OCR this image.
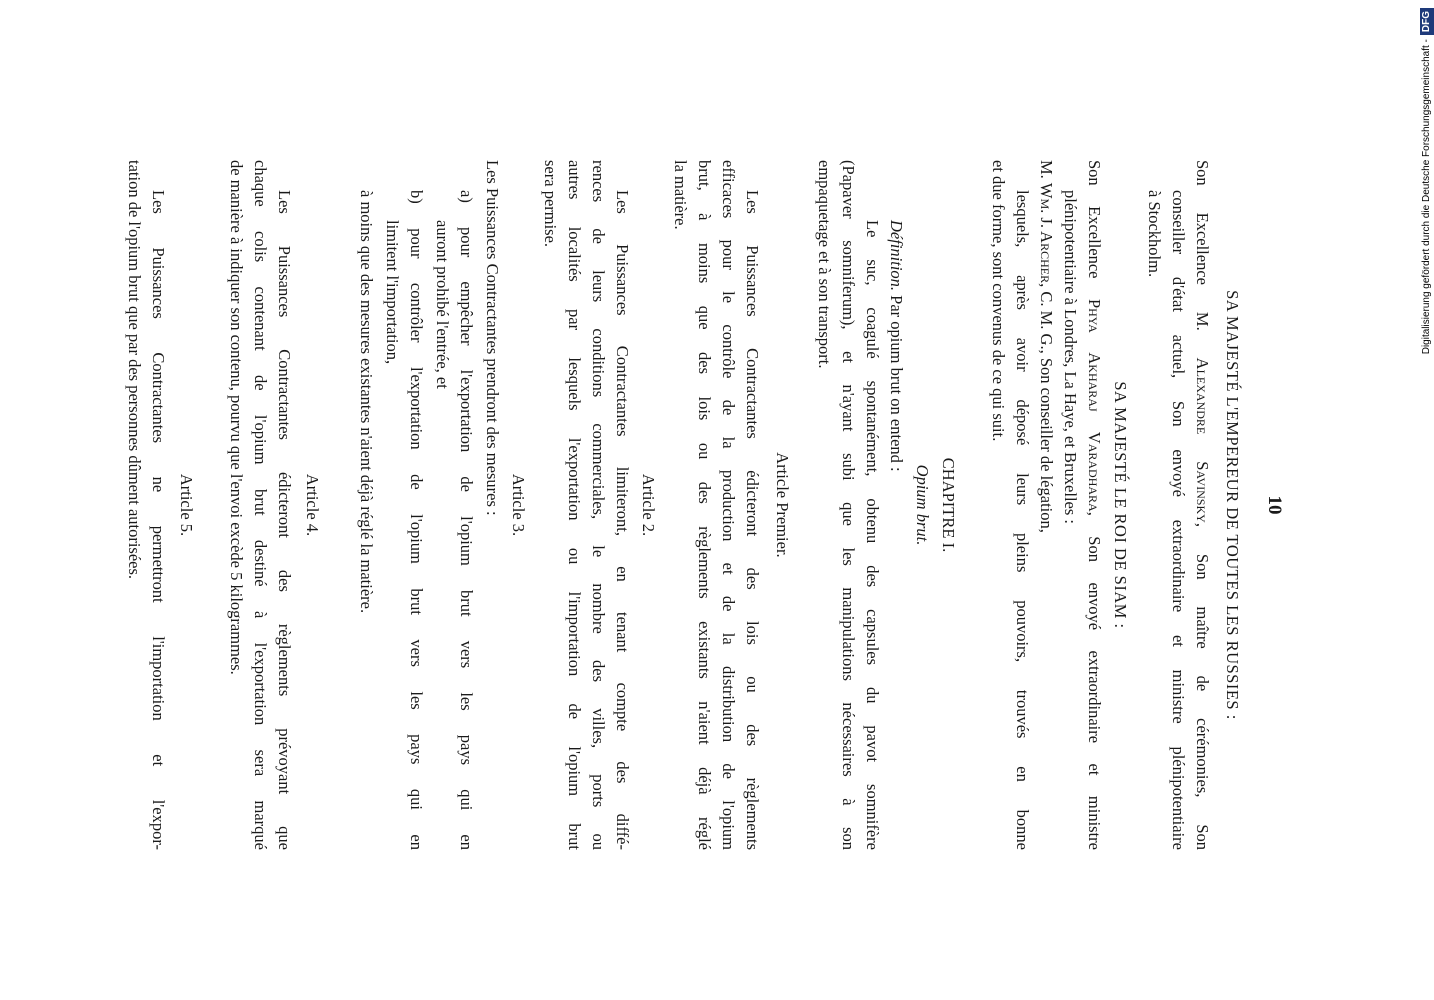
10
SA MAJESTÉ L'EMPEREUR DE TOUTES LES RUSSIES :
Son Excellence M. Alexandre Savinsky, Son maître de cérémonies, Son
conseiller d'état actuel, Son envoyé extraordinaire et ministre plénipotentiaire
à Stockholm.
SA MAJESTÉ LE ROI DE SIAM :
Son Excellence Phya Akharaj Varadhara, Son envoyé extraordinaire et ministre
plénipotentiaire à Londres, La Haye, et Bruxelles :
M. Wm. J. Archer, C. M. G., Son conseiller de légation,
lesquels, après avoir déposé leurs pleins pouvoirs, trouvés en bonne
et due forme, sont convenus de ce qui suit.
CHAPITRE I.
Opium brut.
Définition. Par opium brut on entend :
Le suc, coagulé spontanément, obtenu des capsules du pavot somnifère
(Papaver somniferum), et n'ayant subi que les manipulations nécessaires à son
empaquetage et à son transport.
Article Premier.
Les Puissances Contractantes édicteront des lois ou des règlements
efficaces pour le contrôle de la production et de la distribution de l'opium
brut, à moins que des lois ou des règlements existants n'aient déjà réglé
la matière.
Article 2.
Les Puissances Contractantes limiteront, en tenant compte des diffé-
rences de leurs conditions commerciales, le nombre des villes, ports ou
autres localités par lesquels l'exportation ou l'importation de l'opium brut
sera permise.
Article 3.
Les Puissances Contractantes prendront des mesures :
a) pour empêcher l'exportation de l'opium brut vers les pays qui en
auront prohibé l'entrée, et
b) pour contrôler l'exportation de l'opium brut vers les pays qui en
limitent l'importation,
à moins que des mesures existantes n'aient déjà réglé la matière.
Article 4.
Les Puissances Contractantes édicteront des règlements prévoyant que
chaque colis contenant de l'opium brut destiné à l'exportation sera marqué
de manière à indiquer son contenu, pourvu que l'envoi excède 5 kilogrammes.
Article 5.
Les Puissances Contractantes ne permettront l'importation et l'expor-
tation de l'opium brut que par des personnes dûment autorisées.	Digitalisierung gefördert durch die Deutsche Forschungsgemeinschaft -
DFG
